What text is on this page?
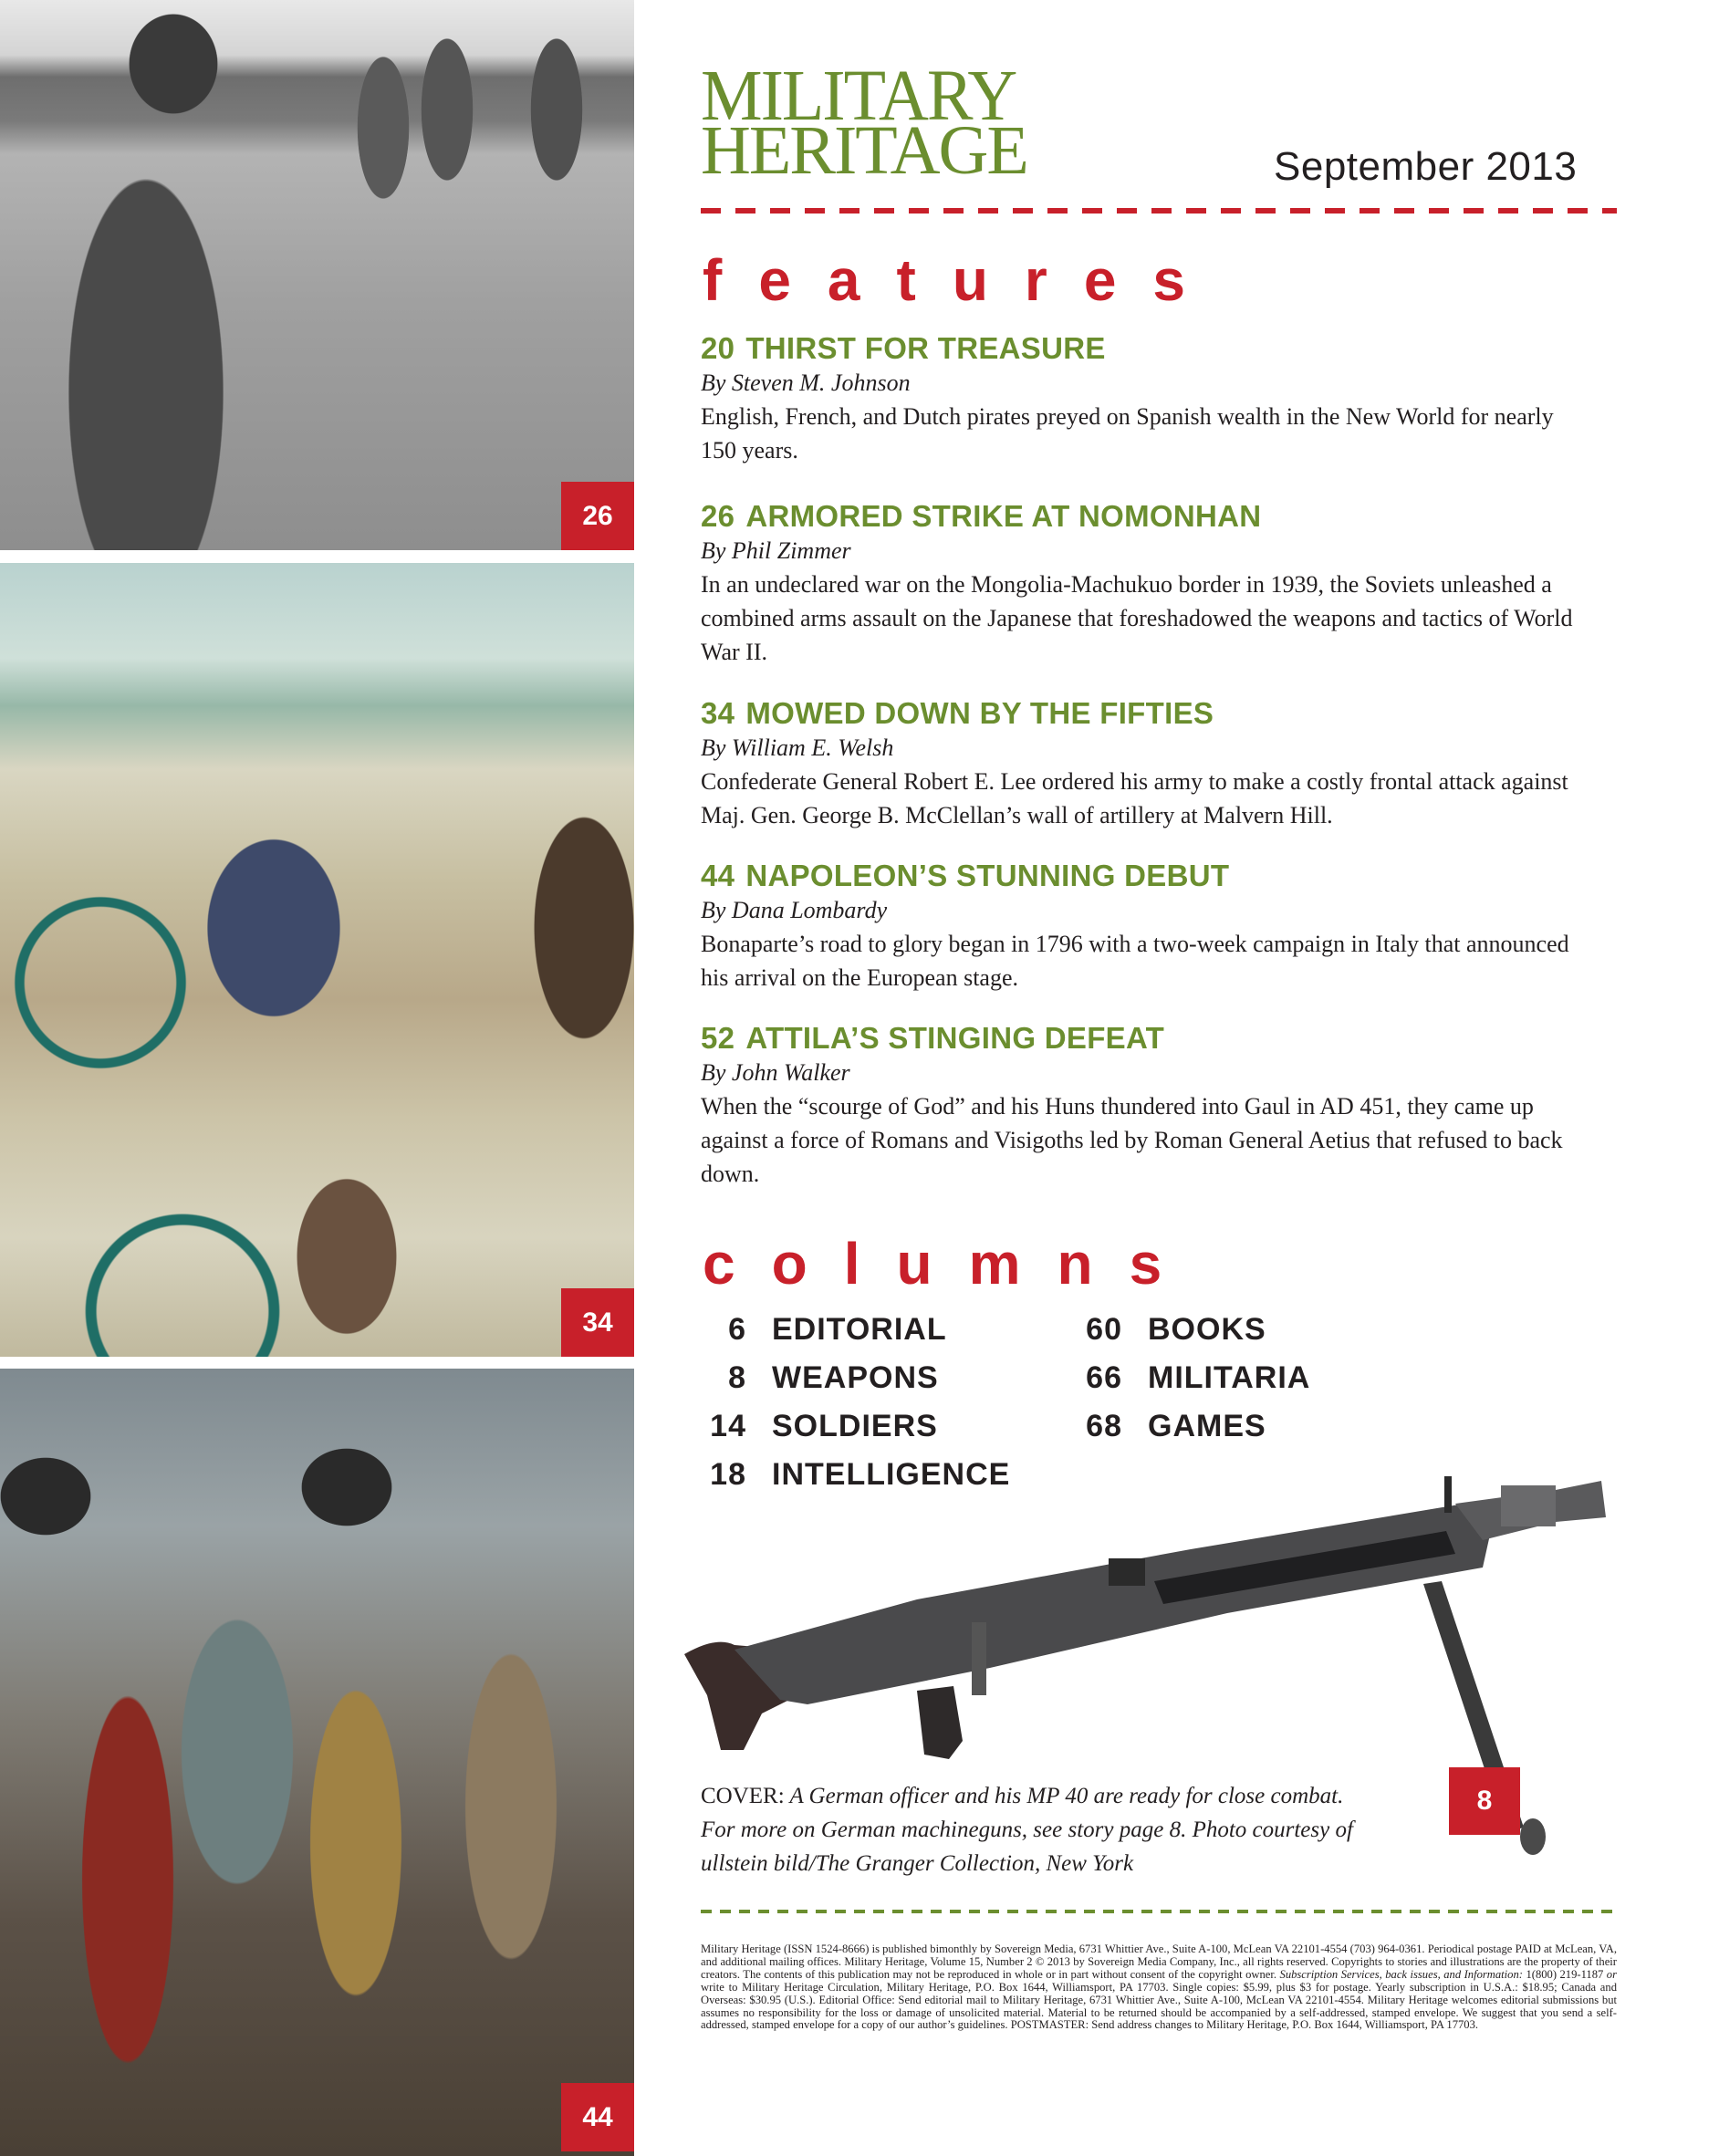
26
34
44
MILITARY
HERITAGE	September 2013
features
20 THIRST FOR TREASURE
By Steven M. Johnson
English, French, and Dutch pirates preyed on Spanish wealth in the New World for nearly 150 years.
26 ARMORED STRIKE AT NOMONHAN
By Phil Zimmer
In an undeclared war on the Mongolia-Machukuo border in 1939, the Soviets unleashed a combined arms assault on the Japanese that foreshadowed the weapons and tactics of World War II.
34 MOWED DOWN BY THE FIFTIES
By William E. Welsh
Confederate General Robert E. Lee ordered his army to make a costly frontal attack against Maj. Gen. George B. McClellan’s wall of artillery at Malvern Hill.
44 NAPOLEON’S STUNNING DEBUT
By Dana Lombardy
Bonaparte’s road to glory began in 1796 with a two-week campaign in Italy that announced his arrival on the European stage.
52 ATTILA’S STINGING DEFEAT
By John Walker
When the “scourge of God” and his Huns thundered into Gaul in AD 451, they came up against a force of Romans and Visigoths led by Roman General Aetius that refused to back down.
columns
6 EDITORIAL
8 WEAPONS
14 SOLDIERS
18 INTELLIGENCE
60 BOOKS
66 MILITARIA
68 GAMES
8
COVER: A German officer and his MP 40 are ready for close combat. For more on German machineguns, see story page 8. Photo courtesy of ullstein bild/The Granger Collection, New York
Military Heritage (ISSN 1524-8666) is published bimonthly by Sovereign Media, 6731 Whittier Ave., Suite A-100, McLean VA 22101-4554 (703) 964-0361. Periodical postage PAID at McLean, VA, and additional mailing offices. Military Heritage, Volume 15, Number 2 © 2013 by Sovereign Media Company, Inc., all rights reserved. Copyrights to stories and illustrations are the property of their creators. The contents of this publication may not be reproduced in whole or in part without consent of the copyright owner. Subscription Services, back issues, and Information: 1(800) 219-1187 or write to Military Heritage Circulation, Military Heritage, P.O. Box 1644, Williamsport, PA 17703. Single copies: $5.99, plus $3 for postage. Yearly subscription in U.S.A.: $18.95; Canada and Overseas: $30.95 (U.S.). Editorial Office: Send editorial mail to Military Heritage, 6731 Whittier Ave., Suite A-100, McLean VA 22101-4554. Military Heritage welcomes editorial submissions but assumes no responsibility for the loss or damage of unsolicited material. Material to be returned should be accompanied by a self-addressed, stamped envelope. We suggest that you send a self-addressed, stamped envelope for a copy of our author’s guidelines. POSTMASTER: Send address changes to Military Heritage, P.O. Box 1644, Williamsport, PA 17703.
